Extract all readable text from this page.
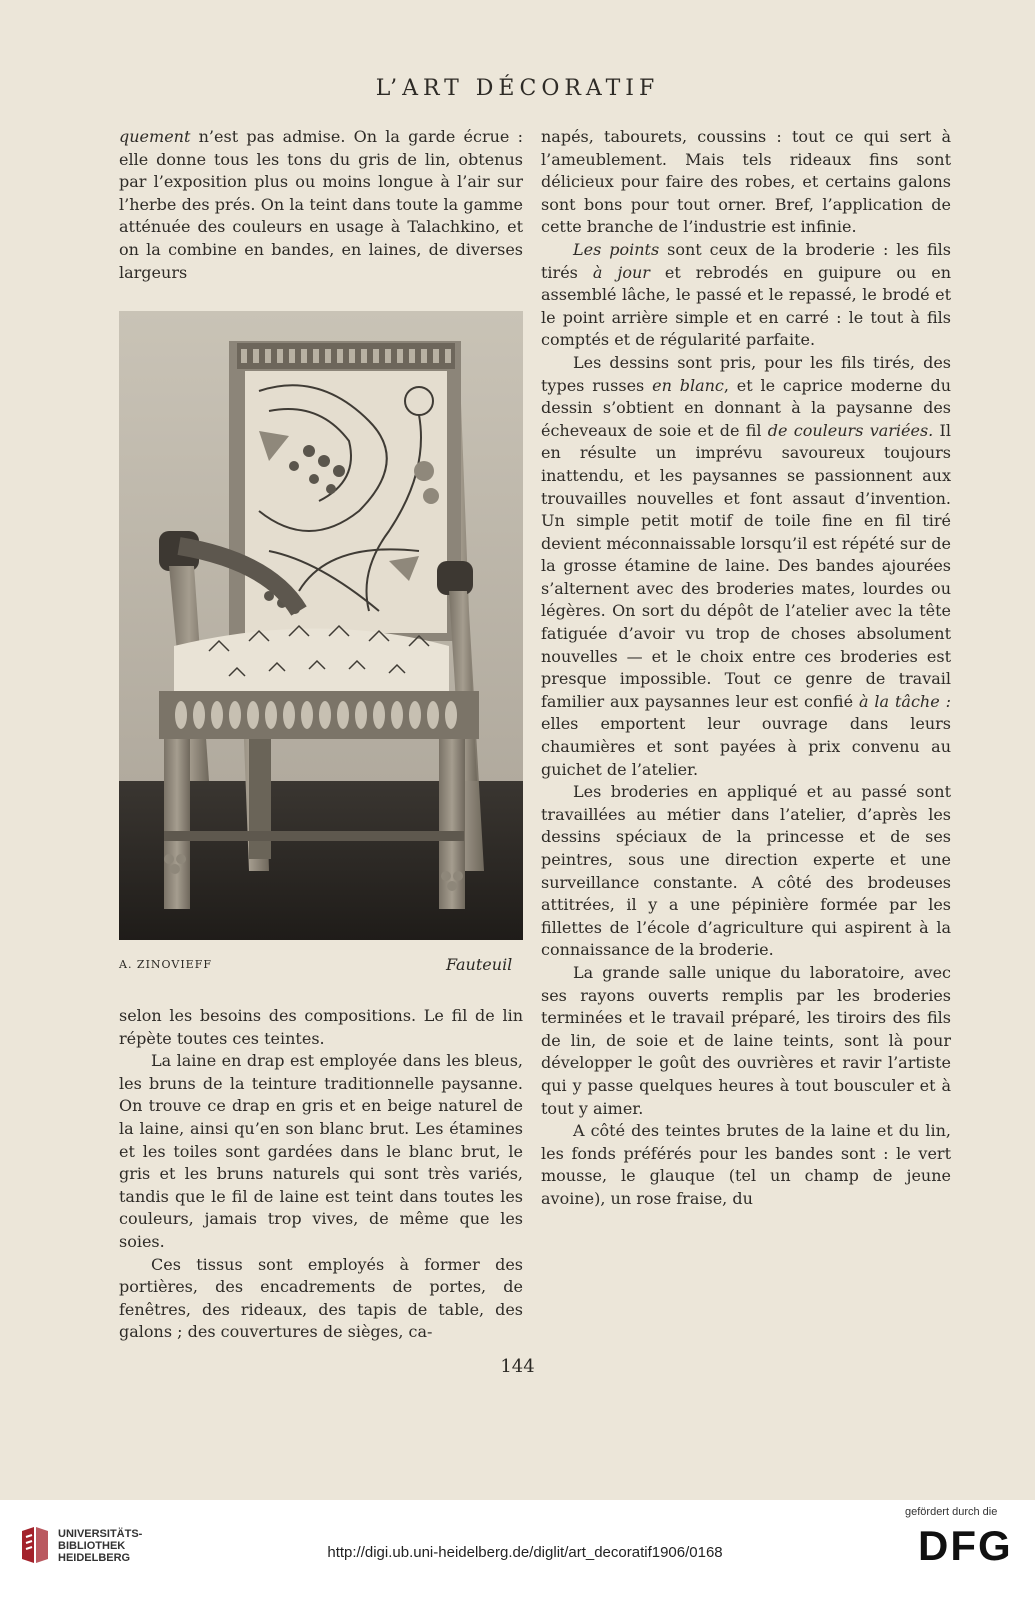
L’ART DÉCORATIF

quement n’est pas admise. On la garde écrue : elle donne tous les tons du gris de lin, obtenus par l’exposition plus ou moins longue à l’air sur l’herbe des prés. On la teint dans toute la gamme atténuée des couleurs en usage à Talachkino, et on la combine en bandes, en laines, de diverses largeurs

A. ZINOVIEFF	Fauteuil

selon les besoins des compositions. Le fil de lin répète toutes ces teintes.

La laine en drap est employée dans les bleus, les bruns de la teinture traditionnelle paysanne. On trouve ce drap en gris et en beige naturel de la laine, ainsi qu’en son blanc brut. Les étamines et les toiles sont gardées dans le blanc brut, le gris et les bruns naturels qui sont très variés, tandis que le fil de laine est teint dans toutes les couleurs, jamais trop vives, de même que les soies.

Ces tissus sont employés à former des portières, des encadrements de portes, de fenêtres, des rideaux, des tapis de table, des galons ; des couvertures de sièges, ca-

napés, tabourets, coussins : tout ce qui sert à l’ameublement. Mais tels rideaux fins sont délicieux pour faire des robes, et certains galons sont bons pour tout orner. Bref, l’application de cette branche de l’industrie est infinie.

Les points sont ceux de la broderie : les fils tirés à jour et rebrodés en guipure ou en assemblé lâche, le passé et le repassé, le brodé et le point arrière simple et en carré : le tout à fils comptés et de régularité parfaite.

Les dessins sont pris, pour les fils tirés, des types russes en blanc, et le caprice moderne du dessin s’obtient en donnant à la paysanne des écheveaux de soie et de fil de couleurs variées. Il en résulte un imprévu savoureux toujours inattendu, et les paysannes se passionnent aux trouvailles nouvelles et font assaut d’invention. Un simple petit motif de toile fine en fil tiré devient méconnaissable lorsqu’il est répété sur de la grosse étamine de laine. Des bandes ajourées s’alternent avec des broderies mates, lourdes ou légères. On sort du dépôt de l’atelier avec la tête fatiguée d’avoir vu trop de choses absolument nouvelles — et le choix entre ces broderies est presque impossible. Tout ce genre de travail familier aux paysannes leur est confié à la tâche : elles emportent leur ouvrage dans leurs chaumières et sont payées à prix convenu au guichet de l’atelier.

Les broderies en appliqué et au passé sont travaillées au métier dans l’atelier, d’après les dessins spéciaux de la princesse et de ses peintres, sous une direction experte et une surveillance constante. A côté des brodeuses attitrées, il y a une pépinière formée par les fillettes de l’école d’agriculture qui aspirent à la connaissance de la broderie.

La grande salle unique du laboratoire, avec ses rayons ouverts remplis par les broderies terminées et le travail préparé, les tiroirs des fils de lin, de soie et de laine teints, sont là pour développer le goût des ouvrières et ravir l’artiste qui y passe quelques heures à tout bousculer et à tout y aimer.

A côté des teintes brutes de la laine et du lin, les fonds préférés pour les bandes sont : le vert mousse, le glauque (tel un champ de jeune avoine), un rose fraise, du

144
UNIVERSITÄTS-
BIBLIOTHEK
HEIDELBERG	http://digi.ub.uni-heidelberg.de/diglit/art_decoratif1906/0168
gefördert durch die
DFG
